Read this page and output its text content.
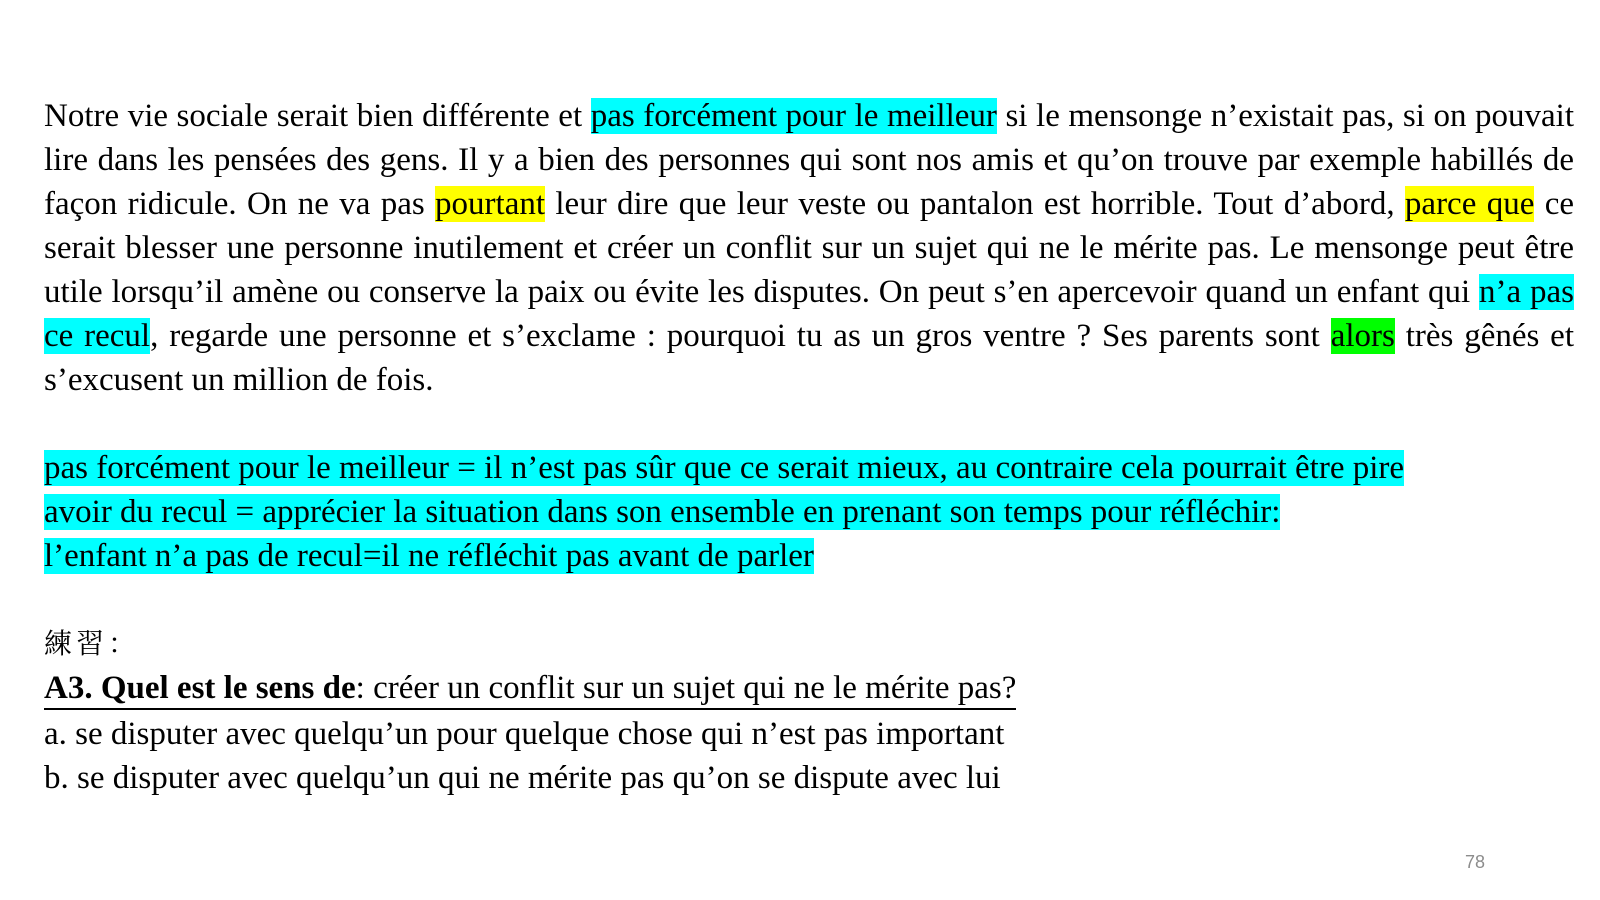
Notre vie sociale serait bien différente et pas forcément pour le meilleur si le mensonge n’existait pas, si on pouvait lire dans les pensées des gens. Il y a bien des personnes qui sont nos amis et qu’on trouve par exemple habillés de façon ridicule. On ne va pas pourtant leur dire que leur veste ou pantalon est horrible. Tout d’abord, parce que ce serait blesser une personne inutilement et créer un conflit sur un sujet qui ne le mérite pas. Le mensonge peut être utile lorsqu’il amène ou conserve la paix ou évite les disputes. On peut s’en apercevoir quand un enfant qui n’a pas ce recul, regarde une personne et s’exclame : pourquoi tu as un gros ventre ? Ses parents sont alors très gênés et s’excusent un million de fois.

pas forcément pour le meilleur = il n’est pas sûr que ce serait mieux, au contraire cela pourrait être pire
avoir du recul = apprécier la situation dans son ensemble en prenant son temps pour réfléchir:
l’enfant n’a pas de recul=il ne réfléchit pas avant de parler
練習：
A3. Quel est le sens de: créer un conflit sur un sujet qui ne le mérite pas?
a. se disputer avec quelqu’un pour quelque chose qui n’est pas important
b. se disputer avec quelqu’un qui ne mérite pas qu’on se dispute avec lui
78
